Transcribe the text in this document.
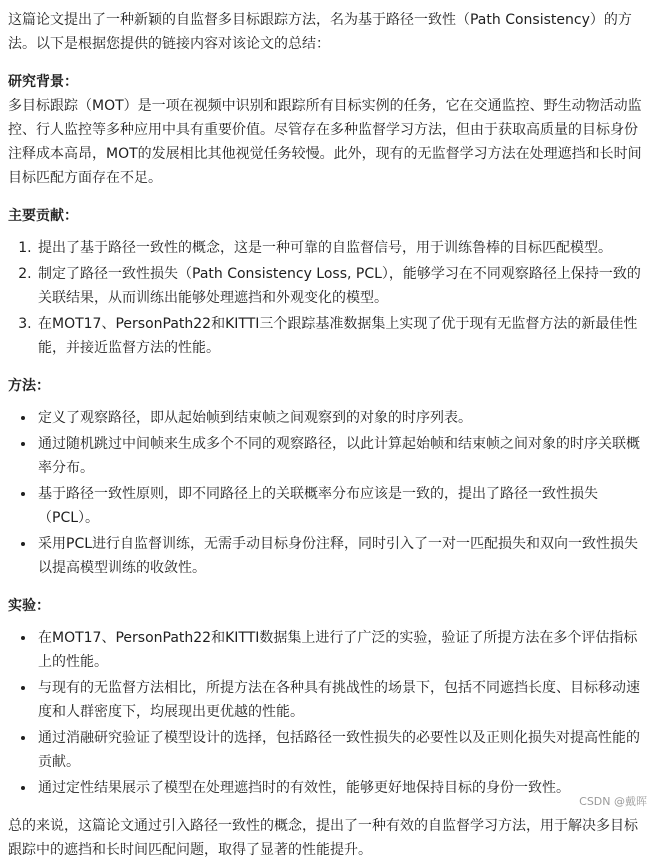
这篇论文提出了一种新颖的自监督多目标跟踪方法，名为基于路径一致性（Path Consistency）的方法。以下是根据您提供的链接内容对该论文的总结：

研究背景：

多目标跟踪（MOT）是一项在视频中识别和跟踪所有目标实例的任务，它在交通监控、野生动物活动监控、行人监控等多种应用中具有重要价值。尽管存在多种监督学习方法，但由于获取高质量的目标身份注释成本高昂，MOT的发展相比其他视觉任务较慢。此外，现有的无监督学习方法在处理遮挡和长时间目标匹配方面存在不足。

主要贡献：

1. 提出了基于路径一致性的概念，这是一种可靠的自监督信号，用于训练鲁棒的目标匹配模型。
2. 制定了路径一致性损失（Path Consistency Loss, PCL），能够学习在不同观察路径上保持一致的关联结果，从而训练出能够处理遮挡和外观变化的模型。
3. 在MOT17、PersonPath22和KITTI三个跟踪基准数据集上实现了优于现有无监督方法的新最佳性能，并接近监督方法的性能。

方法：

• 定义了观察路径，即从起始帧到结束帧之间观察到的对象的时序列表。
• 通过随机跳过中间帧来生成多个不同的观察路径，以此计算起始帧和结束帧之间对象的时序关联概率分布。
• 基于路径一致性原则，即不同路径上的关联概率分布应该是一致的，提出了路径一致性损失（PCL）。
• 采用PCL进行自监督训练，无需手动目标身份注释，同时引入了一对一匹配损失和双向一致性损失以提高模型训练的收敛性。

实验：

• 在MOT17、PersonPath22和KITTI数据集上进行了广泛的实验，验证了所提方法在多个评估指标上的性能。
• 与现有的无监督方法相比，所提方法在各种具有挑战性的场景下，包括不同遮挡长度、目标移动速度和人群密度下，均展现出更优越的性能。
• 通过消融研究验证了模型设计的选择，包括路径一致性损失的必要性以及正则化损失对提高性能的贡献。
• 通过定性结果展示了模型在处理遮挡时的有效性，能够更好地保持目标的身份一致性。

总的来说，这篇论文通过引入路径一致性的概念，提出了一种有效的自监督学习方法，用于解决多目标跟踪中的遮挡和长时间匹配问题，取得了显著的性能提升。

CSDN @戴晖
